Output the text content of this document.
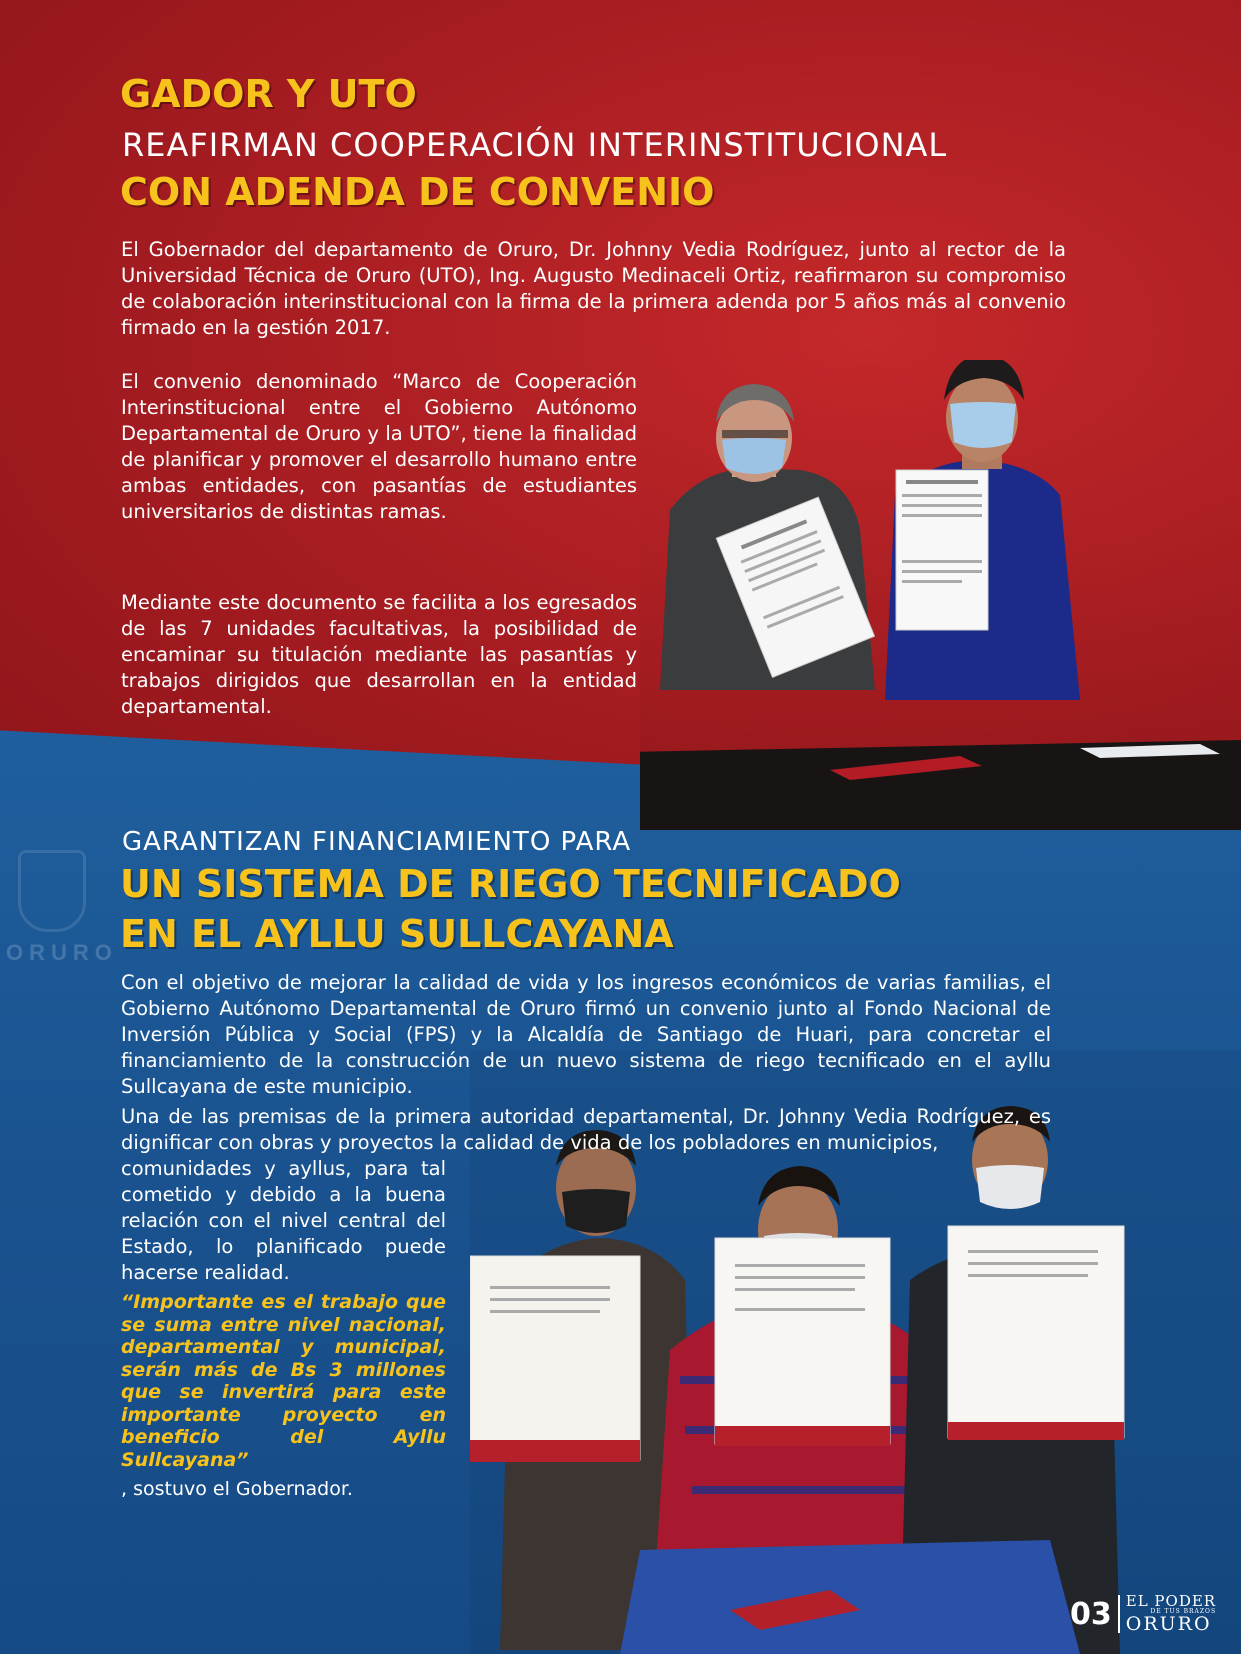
ORURO
GADOR Y UTO
REAFIRMAN COOPERACIÓN INTERINSTITUCIONAL
CON ADENDA DE CONVENIO

El Gobernador del departamento de Oruro, Dr. Johnny Vedia Rodríguez, junto al rector de la Universidad Técnica de Oruro (UTO), Ing. Augusto Medinaceli Ortiz, reafirmaron su compromiso de colaboración interinstitucional con la firma de la primera adenda por 5 años más al convenio firmado en la gestión 2017.

El convenio denominado “Marco de Cooperación Interinstitucional entre el Gobierno Autónomo Departamental de Oruro y la UTO”, tiene la finalidad de planificar y promover el desarrollo humano entre ambas entidades, con pasantías de estudiantes universitarios de distintas ramas.

Mediante este documento se facilita a los egresados de las 7 unidades facultativas, la posibilidad de encaminar su titulación mediante las pasantías y trabajos dirigidos que desarrollan en la entidad departamental.

GARANTIZAN FINANCIAMIENTO PARA
UN SISTEMA DE RIEGO TECNIFICADO
EN EL AYLLU SULLCAYANA

Con el objetivo de mejorar la calidad de vida y los ingresos económicos de varias familias, el Gobierno Autónomo Departamental de Oruro firmó un convenio junto al Fondo Nacional de Inversión Pública y Social (FPS) y la Alcaldía de Santiago de Huari, para concretar el financiamiento de la construcción de un nuevo sistema de riego tecnificado en el ayllu Sullcayana de este municipio.

Una de las premisas de la primera autoridad departamental, Dr. Johnny Vedia Rodríguez, es dignificar con obras y proyectos la calidad de vida de los pobladores en municipios,

comunidades y ayllus, para tal cometido y debido a la buena relación con el nivel central del Estado, lo planificado puede hacerse realidad.

“Importante es el trabajo que se suma entre nivel nacional, departamental y municipal, serán más de Bs 3 millones que se invertirá para este importante proyecto en beneficio del Ayllu Sullcayana”

, sostuvo el Gobernador.

03 EL PODER
DE TUS BRAZOS
ORURO
